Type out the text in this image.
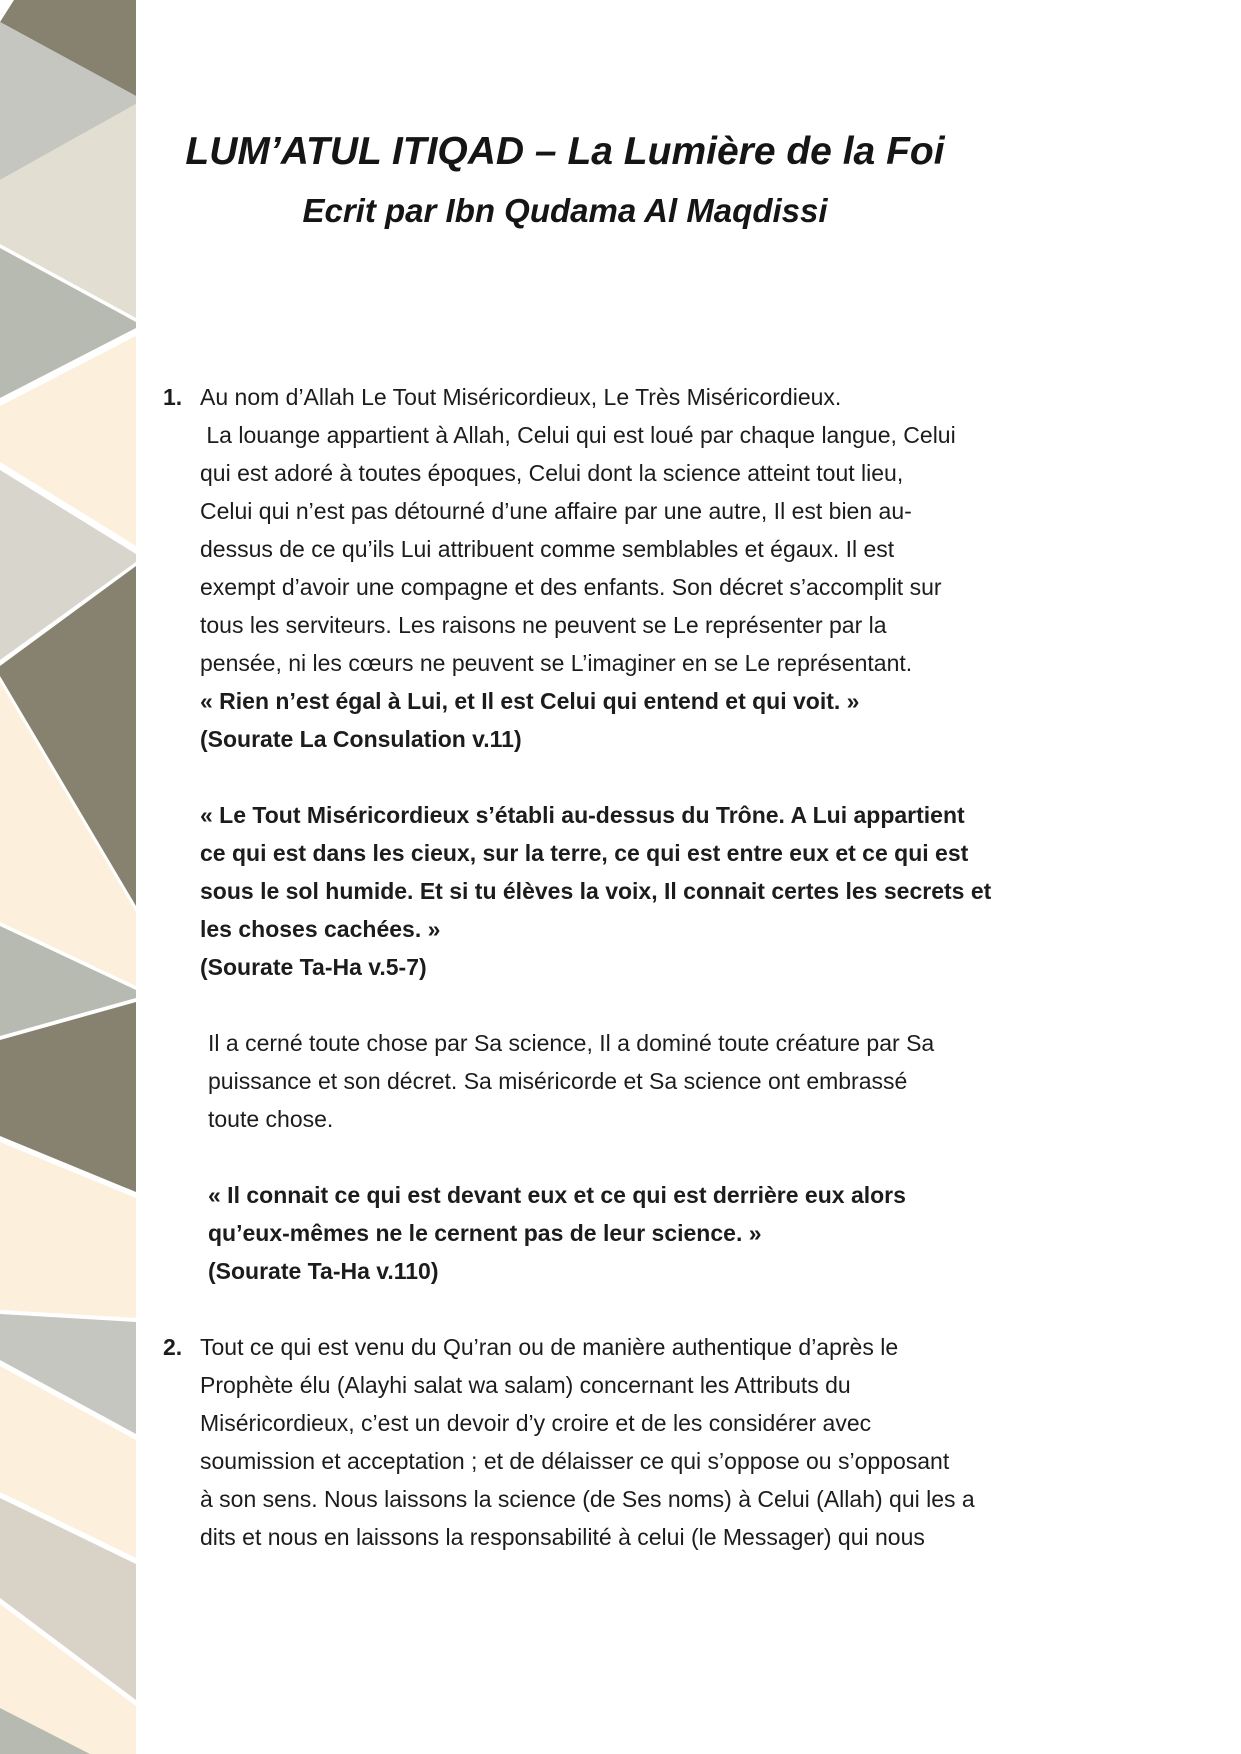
LUM’ATUL ITIQAD – La Lumière de la Foi
Ecrit par Ibn Qudama Al Maqdissi
1. Au nom d’Allah Le Tout Miséricordieux, Le Très Miséricordieux.
La louange appartient à Allah, Celui qui est loué par chaque langue, Celui
qui est adoré à toutes époques, Celui dont la science atteint tout lieu,
Celui qui n’est pas détourné d’une affaire par une autre, Il est bien au-
dessus de ce qu’ils Lui attribuent comme semblables et égaux. Il est
exempt d’avoir une compagne et des enfants. Son décret s’accomplit sur
tous les serviteurs. Les raisons ne peuvent se Le représenter par la
pensée, ni les cœurs ne peuvent se L’imaginer en se Le représentant.
« Rien n’est égal à Lui, et Il est Celui qui entend et qui voit. »
(Sourate La Consulation v.11)
« Le Tout Miséricordieux s’établi au-dessus du Trône. A Lui appartient
ce qui est dans les cieux, sur la terre, ce qui est entre eux et ce qui est
sous le sol humide. Et si tu élèves la voix, Il connait certes les secrets et
les choses cachées. »
(Sourate Ta-Ha v.5-7)
Il a cerné toute chose par Sa science, Il a dominé toute créature par Sa
puissance et son décret. Sa miséricorde et Sa science ont embrassé
toute chose.
« Il connait ce qui est devant eux et ce qui est derrière eux alors
qu’eux-mêmes ne le cernent pas de leur science. »
(Sourate Ta-Ha v.110)
2. Tout ce qui est venu du Qu’ran ou de manière authentique d’après le
Prophète élu (Alayhi salat wa salam) concernant les Attributs du
Miséricordieux, c’est un devoir d’y croire et de les considérer avec
soumission et acceptation ; et de délaisser ce qui s’oppose ou s’opposant
à son sens. Nous laissons la science (de Ses noms) à Celui (Allah) qui les a
dits et nous en laissons la responsabilité à celui (le Messager) qui nous
